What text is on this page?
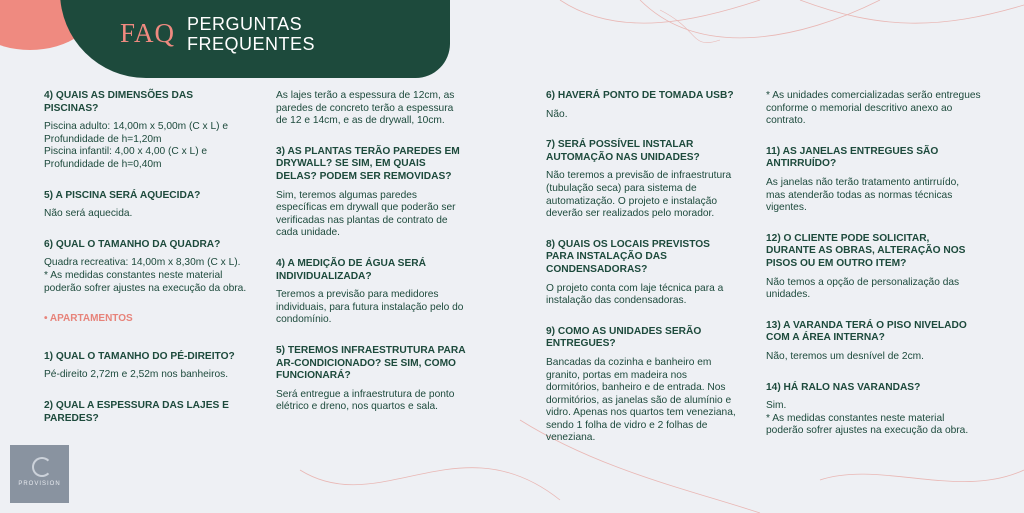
FAQ PERGUNTAS
FREQUENTES
4) QUAIS AS DIMENSÕES DAS PISCINAS?
Piscina adulto: 14,00m x 5,00m (C x L) e Profundidade de h=1,20m
Piscina infantil: 4,00 x 4,00 (C x L) e Profundidade de h=0,40m
5) A PISCINA SERÁ AQUECIDA?
Não será aquecida.
6) QUAL O TAMANHO DA QUADRA?
Quadra recreativa: 14,00m x 8,30m (C x L).
* As medidas constantes neste material poderão sofrer ajustes na execução da obra.
• APARTAMENTOS
1) QUAL O TAMANHO DO PÉ-DIREITO?
Pé-direito 2,72m e 2,52m nos banheiros.
2) QUAL A ESPESSURA DAS LAJES E PAREDES?
As lajes terão a espessura de 12cm, as paredes de concreto terão a espessura de 12 e 14cm, e as de drywall, 10cm.
3) AS PLANTAS TERÃO PAREDES EM DRYWALL? SE SIM, EM QUAIS DELAS? PODEM SER REMOVIDAS?
Sim, teremos algumas paredes específicas em drywall que poderão ser verificadas nas plantas de contrato de cada unidade.
4) A MEDIÇÃO DE ÁGUA SERÁ INDIVIDUALIZADA?
Teremos a previsão para medidores individuais, para futura instalação pelo do condomínio.
5) TEREMOS INFRAESTRUTURA PARA AR-CONDICIONADO? SE SIM, COMO FUNCIONARÁ?
Será entregue a infraestrutura de ponto elétrico e dreno, nos quartos e sala.
6) HAVERÁ PONTO DE TOMADA USB?
Não.
7) SERÁ POSSÍVEL INSTALAR AUTOMAÇÃO NAS UNIDADES?
Não teremos a previsão de infraestrutura (tubulação seca) para sistema de automatização. O projeto e instalação deverão ser realizados pelo morador.
8) QUAIS OS LOCAIS PREVISTOS PARA INSTALAÇÃO DAS CONDENSADORAS?
O projeto conta com laje técnica para a instalação das condensadoras.
9) COMO AS UNIDADES SERÃO ENTREGUES?
Bancadas da cozinha e banheiro em granito, portas em madeira nos dormitórios, banheiro e de entrada. Nos dormitórios, as janelas são de alumínio e vidro. Apenas nos quartos tem veneziana, sendo 1 folha de vidro e 2 folhas de veneziana.
* As unidades comercializadas serão entregues conforme o memorial descritivo anexo ao contrato.
11) AS JANELAS ENTREGUES SÃO ANTIRRUÍDO?
As janelas não terão tratamento antirruído, mas atenderão todas as normas técnicas vigentes.
12) O CLIENTE PODE SOLICITAR, DURANTE AS OBRAS, ALTERAÇÃO NOS PISOS OU EM OUTRO ITEM?
Não temos a opção de personalização das unidades.
13) A VARANDA TERÁ O PISO NIVELADO COM A ÁREA INTERNA?
Não, teremos um desnível de 2cm.
14) HÁ RALO NAS VARANDAS?
Sim.
* As medidas constantes neste material poderão sofrer ajustes na execução da obra.
PROVISION
